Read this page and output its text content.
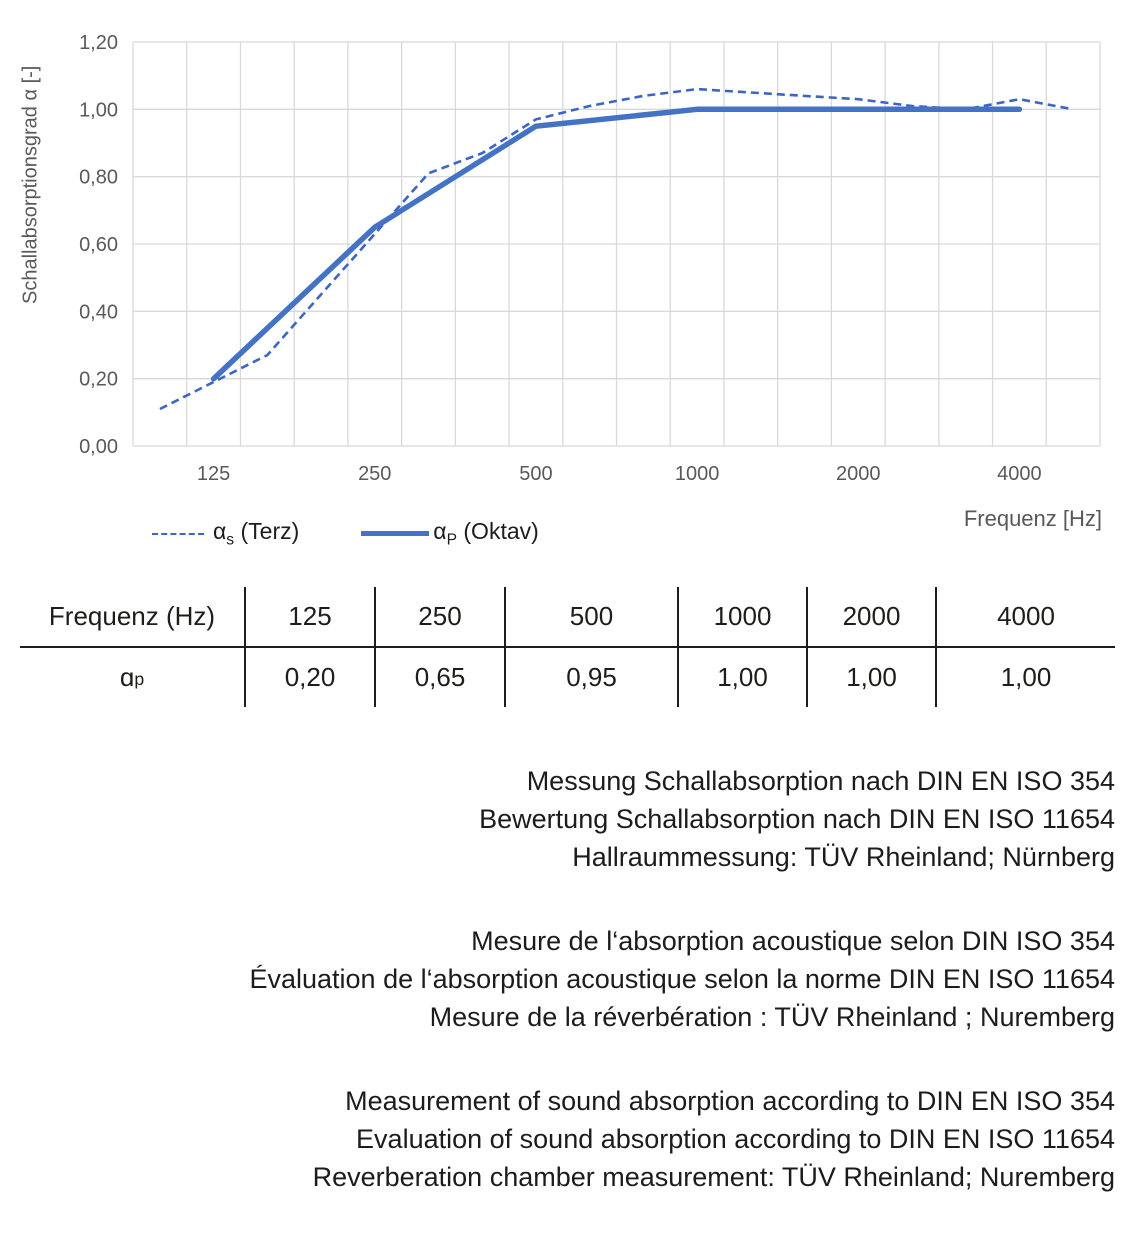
0,00
0,20
0,40
0,60
0,80
1,00
1,20
125	250	500	1000	2000	4000
Schallabsorptionsgrad α [-]
Frequenz [Hz]
$\alpha_s$ (Terz)	$\alpha_P$ (Oktav)
Frequenz (Hz)	125	250	500	1000	2000	4000
ɑ$_p$	0,20	0,65	0,95	1,00	1,00	1,00
Messung Schallabsorption nach DIN EN ISO 354
Bewertung Schallabsorption nach DIN EN ISO 11654
Hallraummessung: TÜV Rheinland; Nürnberg
Mesure de l‘absorption acoustique selon DIN ISO 354
Évaluation de l‘absorption acoustique selon la norme DIN EN ISO 11654
Mesure de la réverbération : TÜV Rheinland ; Nuremberg
Measurement of sound absorption according to DIN EN ISO 354
Evaluation of sound absorption according to DIN EN ISO 11654
Reverberation chamber measurement: TÜV Rheinland; Nuremberg
